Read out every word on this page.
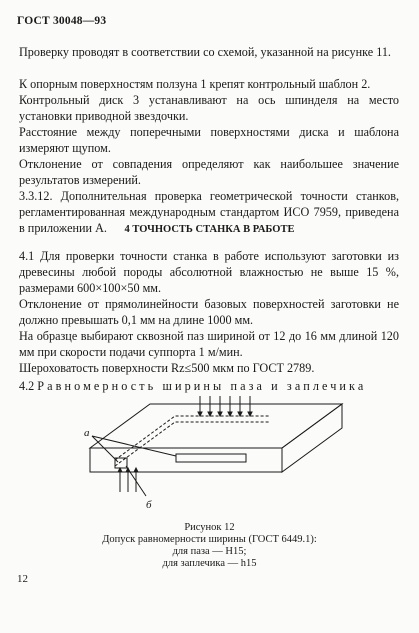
ГОСТ 30048—93

Проверку проводят в соответствии со схемой, указанной на рисунке 11.

К опорным поверхностям ползуна 1 крепят контрольный шаблон 2.

Контрольный диск 3 устанавливают на ось шпинделя на место установки приводной звездочки.

Расстояние между поперечными поверхностями диска и шаблона измеряют щупом.

Отклонение от совпадения определяют как наибольшее значение результатов измерений.

3.3.12. Дополнительная проверка геометрической точности станков, регламентированная международным стандартом ИСО 7959, приведена в приложении А.	4 ТОЧНОСТЬ СТАНКА В РАБОТЕ

4.1 Для проверки точности станка в работе используют заготовки из древесины любой породы абсолютной влажностью не выше 15 %, размерами 600×100×50 мм.

Отклонение от прямолинейности базовых поверхностей заготовки не должно превышать 0,1 мм на длине 1000 мм.

На образце выбирают сквозной паз шириной от 12 до 16 мм длиной 120 мм при скорости подачи суппорта 1 м/мин.

Шероховатость поверхности Rz≤500 мкм по ГОСТ 2789.

4.2 Равномерность ширины паза и заплечика

а
б

Рисунок 12

Допуск равномерности ширины (ГОСТ 6449.1):

для паза — H15;

для заплечика — h15

12
